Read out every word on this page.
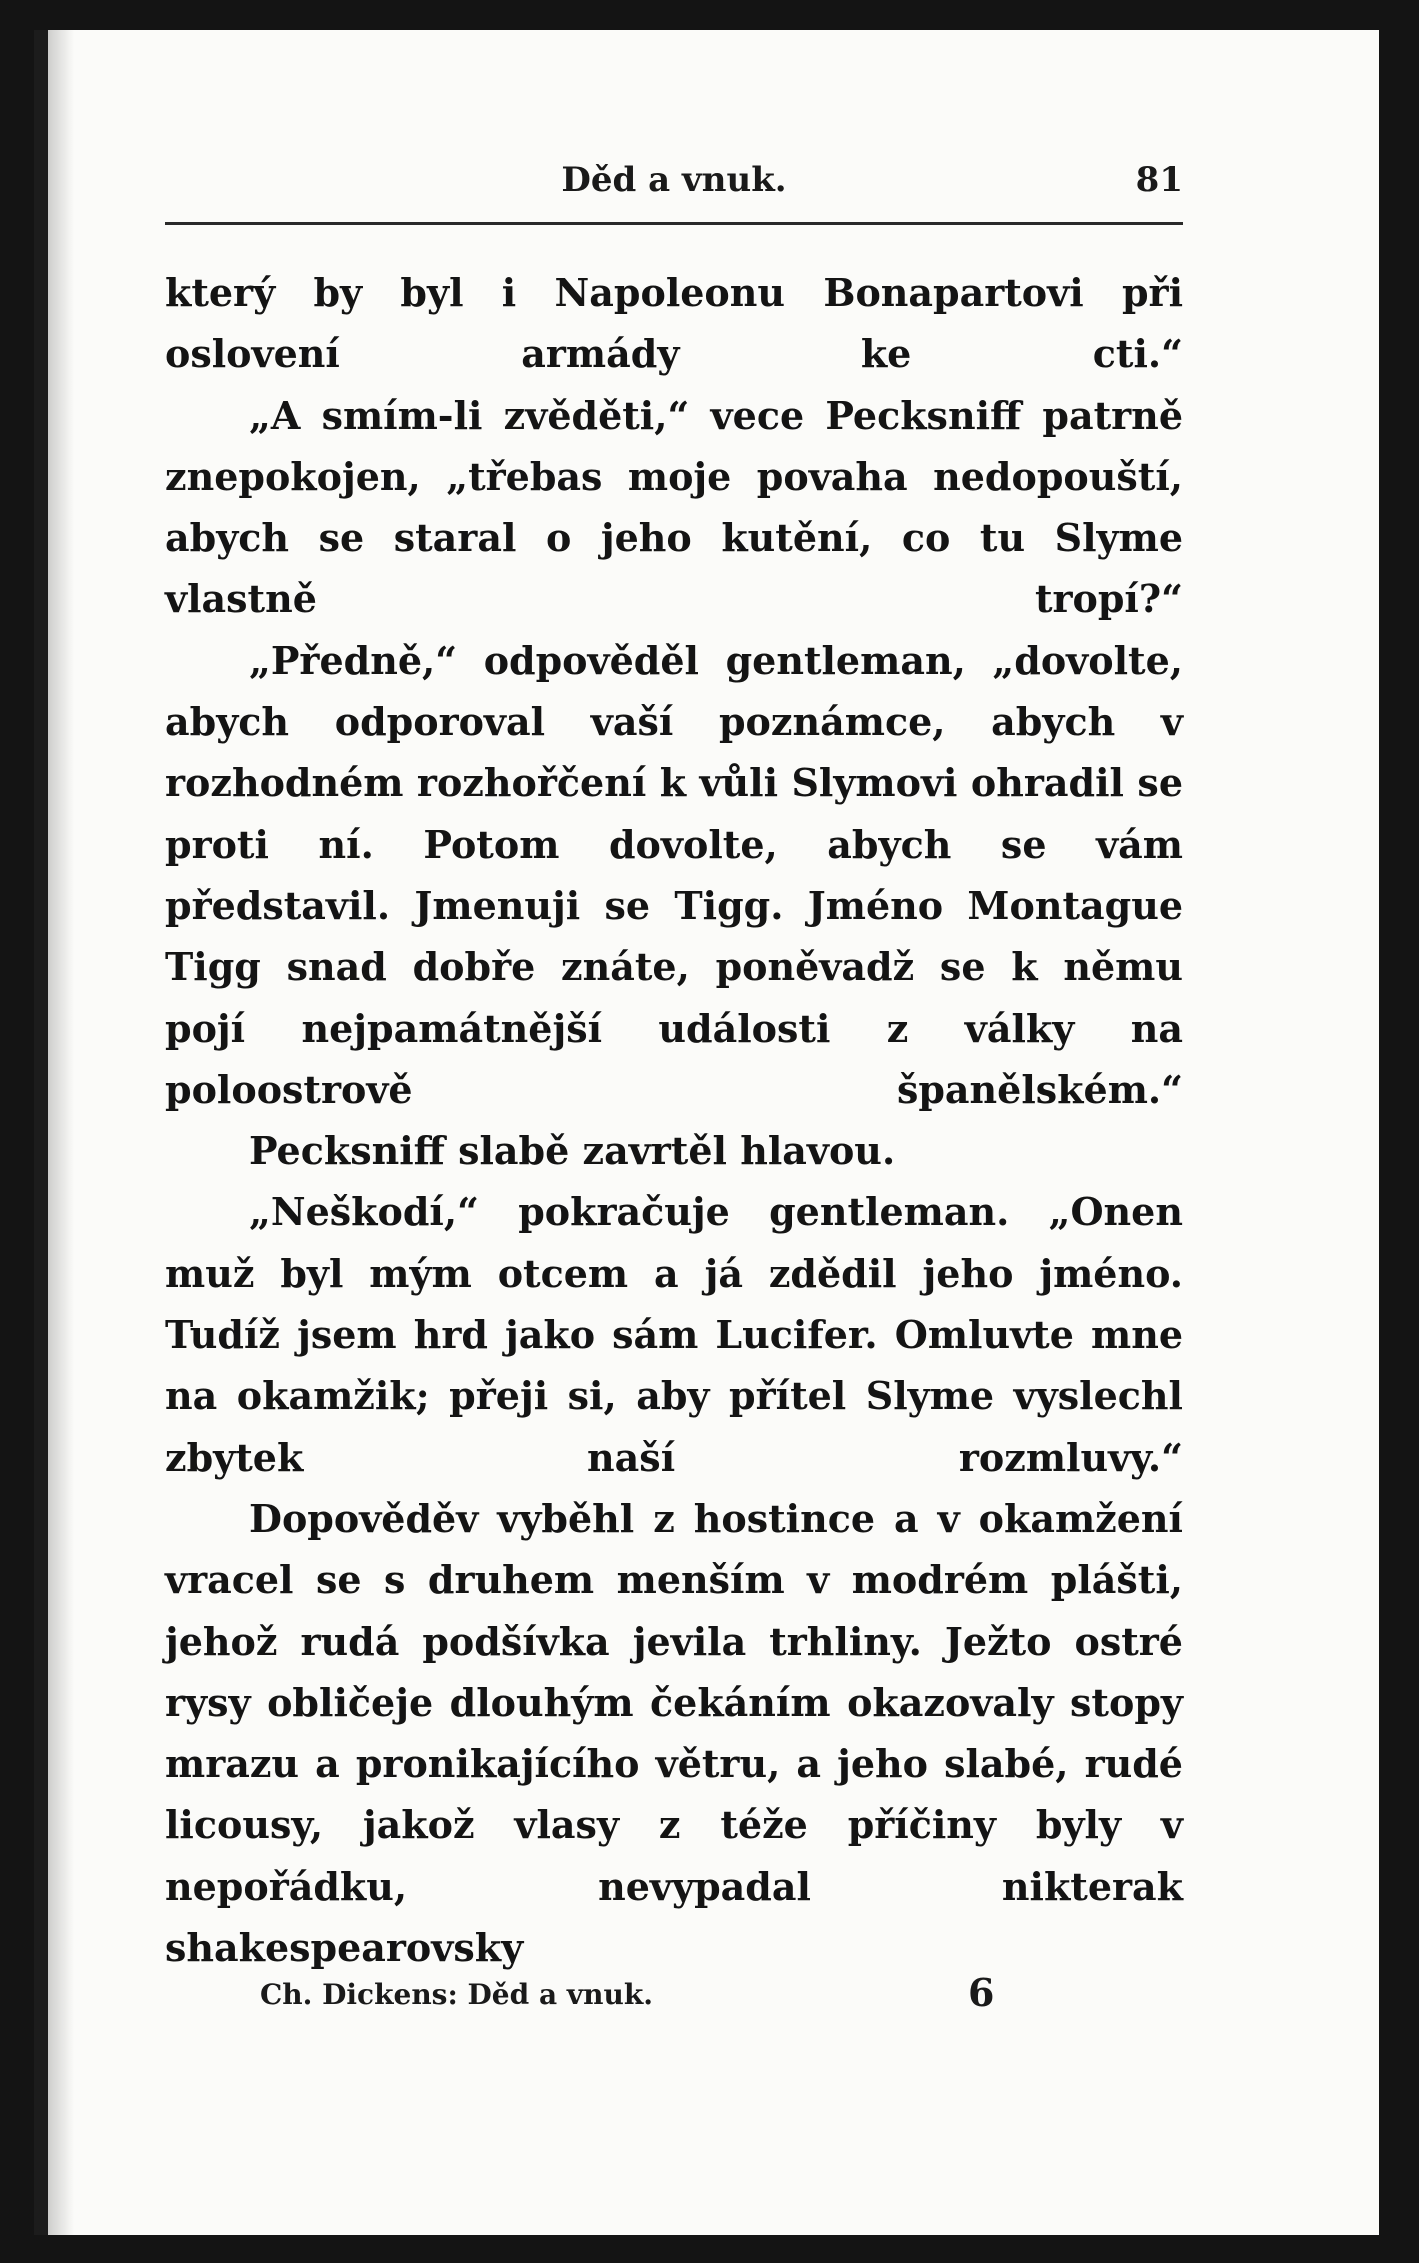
Děd a vnuk.	81

který by byl i Napoleonu Bonapartovi při oslovení armády ke cti.“

„A smím-li zvěděti,“ vece Pecksniff patrně znepokojen, „třebas moje povaha nedopouští, abych se staral o jeho kutění, co tu Slyme vlastně tropí?“

„Předně,“ odpověděl gentleman, „dovolte, abych odporoval vaší poznámce, abych v rozhodném rozhořčení k vůli Slymovi ohradil se proti ní. Potom dovolte, abych se vám představil. Jmenuji se Tigg. Jméno Montague Tigg snad dobře znáte, poněvadž se k němu pojí nejpamátnější události z války na poloostrově španělském.“

Pecksniff slabě zavrtěl hlavou.

„Neškodí,“ pokračuje gentleman. „Onen muž byl mým otcem a já zdědil jeho jméno. Tudíž jsem hrd jako sám Lucifer. Omluvte mne na okamžik; přeji si, aby přítel Slyme vyslechl zbytek naší rozmluvy.“

Dopověděv vyběhl z hostince a v okamžení vracel se s druhem menším v modrém plášti, jehož rudá podšívka jevila trhliny. Ježto ostré rysy obličeje dlouhým čekáním okazovaly stopy mrazu a pronikajícího větru, a jeho slabé, rudé licousy, jakož vlasy z téže příčiny byly v nepořádku, nevypadal nikterak shakespearovsky

Ch. Dickens: Děd a vnuk.	6
